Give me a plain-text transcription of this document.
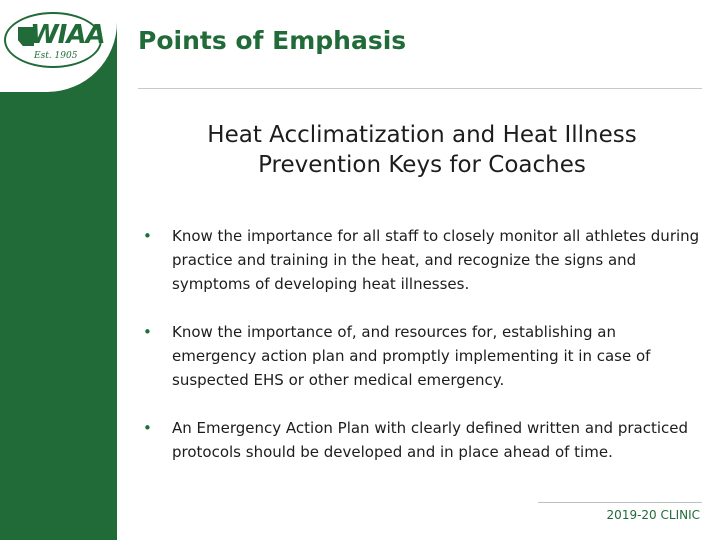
WIAA
Est. 1905
Points of Emphasis
Heat Acclimatization and Heat Illness
Prevention Keys for Coaches
• Know the importance for all staff to closely monitor all athletes during practice and training in the heat, and recognize the signs and symptoms of developing heat illnesses.
• Know the importance of, and resources for, establishing an emergency action plan and promptly implementing it in case of suspected EHS or other medical emergency.
• An Emergency Action Plan with clearly defined written and practiced protocols should be developed and in place ahead of time.
2019-20 CLINIC
